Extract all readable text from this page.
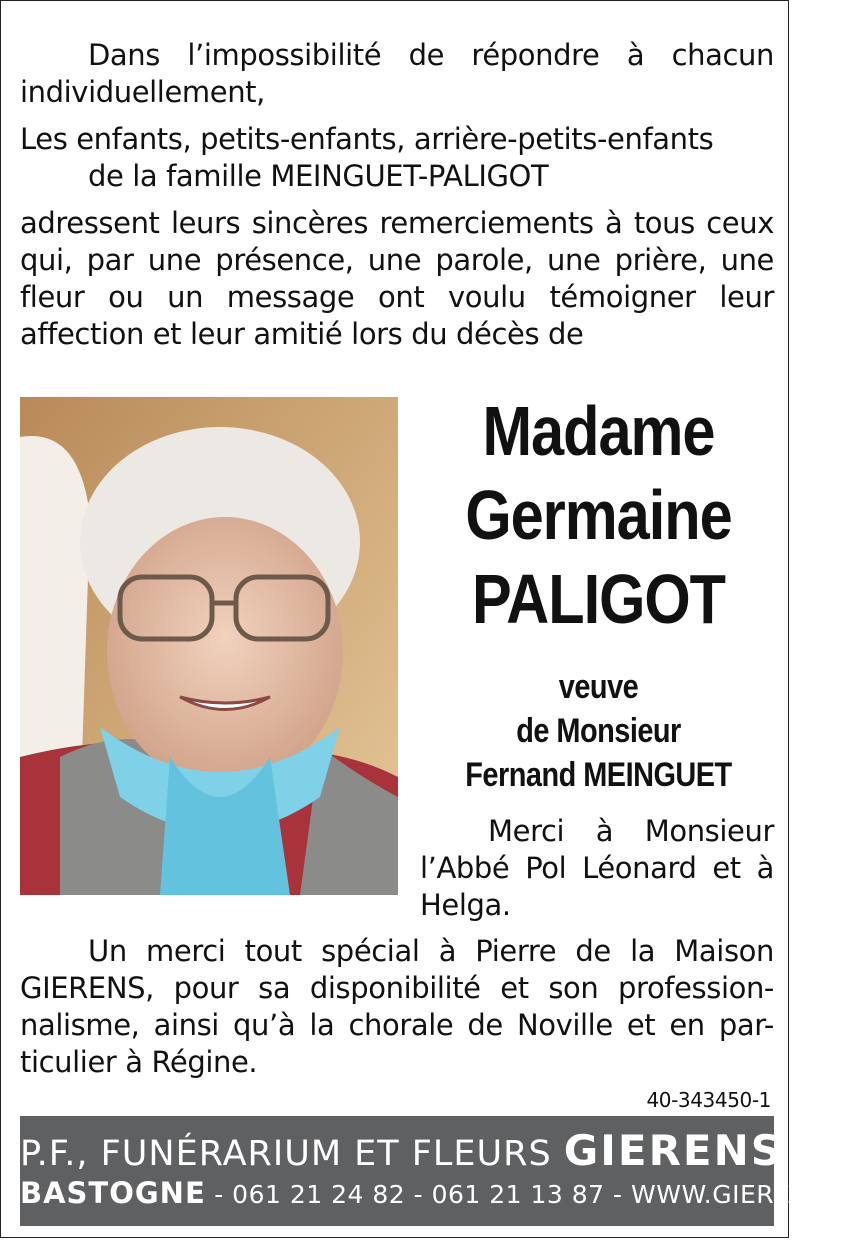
Dans l’impossibilité de répondre à chacun individuellement,

Les enfants, petits-enfants, arrière-petits-enfants

de la famille MEINGUET-PALIGOT

adressent leurs sincères remerciements à tous ceux qui, par une présence, une parole, une prière, une fleur ou un message ont voulu témoigner leur affection et leur amitié lors du décès de

Madame
Germaine
PALIGOT
veuve
de Monsieur
Fernand MEINGUET

Merci à Monsieur l’Abbé Pol Léonard et à Helga.

Un merci tout spécial à Pierre de la Maison GIERENS, pour sa disponibilité et son profession-nalisme, ainsi qu’à la chorale de Noville et en par-ticulier à Régine.

40-343450-1
P.F., FUNÉRARIUM ET FLEURS GIERENS
BASTOGNE - 061 21 24 82 - 061 21 13 87 - WWW.GIERENS.BE
